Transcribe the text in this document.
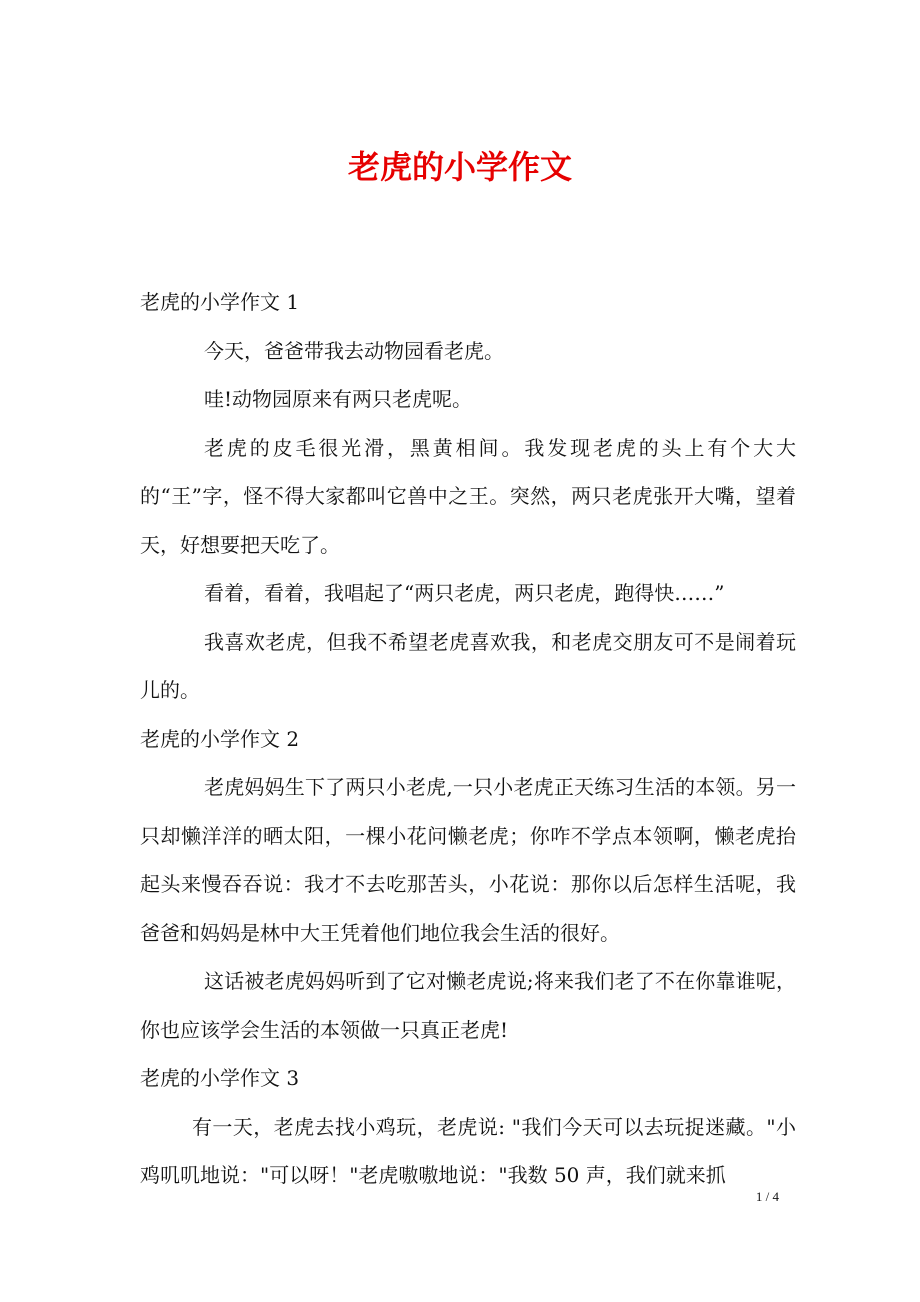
老虎的小学作文

老虎的小学作文 1

今天，爸爸带我去动物园看老虎。

哇!动物园原来有两只老虎呢。

老虎的皮毛很光滑，黑黄相间。我发现老虎的头上有个大大的“王”字，怪不得大家都叫它兽中之王。突然，两只老虎张开大嘴，望着天，好想要把天吃了。

看着，看着，我唱起了“两只老虎，两只老虎，跑得快……”

我喜欢老虎，但我不希望老虎喜欢我，和老虎交朋友可不是闹着玩儿的。

老虎的小学作文 2

老虎妈妈生下了两只小老虎,一只小老虎正天练习生活的本领。另一只却懒洋洋的晒太阳，一棵小花问懒老虎；你咋不学点本领啊，懒老虎抬起头来慢吞吞说：我才不去吃那苦头，小花说：那你以后怎样生活呢，我爸爸和妈妈是林中大王凭着他们地位我会生活的很好。

这话被老虎妈妈听到了它对懒老虎说;将来我们老了不在你靠谁呢，你也应该学会生活的本领做一只真正老虎!

老虎的小学作文 3

有一天，老虎去找小鸡玩，老虎说: "我们今天可以去玩捉迷藏。"小鸡叽叽地说："可以呀！"老虎嗷嗷地说："我数 50 声，我们就来抓

1 / 4
